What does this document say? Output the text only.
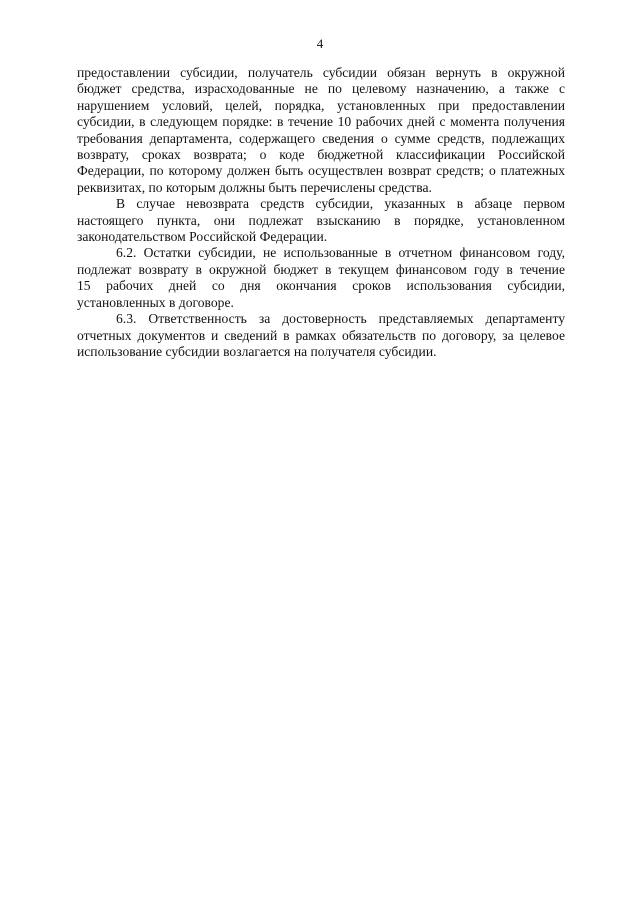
4
предоставлении субсидии, получатель субсидии обязан вернуть в окружной
бюджет средства, израсходованные не по целевому назначению, а также с
нарушением условий, целей, порядка, установленных при предоставлении
субсидии, в следующем порядке: в течение 10 рабочих дней с момента получения
требования департамента, содержащего сведения о сумме средств, подлежащих
возврату, сроках возврата; о коде бюджетной классификации Российской
Федерации, по которому должен быть осуществлен возврат средств; о платежных
реквизитах, по которым должны быть перечислены средства.
В случае невозврата средств субсидии, указанных в абзаце первом
настоящего пункта, они подлежат взысканию в порядке, установленном
законодательством Российской Федерации.
6.2. Остатки субсидии, не использованные в отчетном финансовом году,
подлежат возврату в окружной бюджет в текущем финансовом году в течение
15 рабочих дней со дня окончания сроков использования субсидии,
установленных в договоре.
6.3. Ответственность за достоверность представляемых департаменту
отчетных документов и сведений в рамках обязательств по договору, за целевое
использование субсидии возлагается на получателя субсидии.
